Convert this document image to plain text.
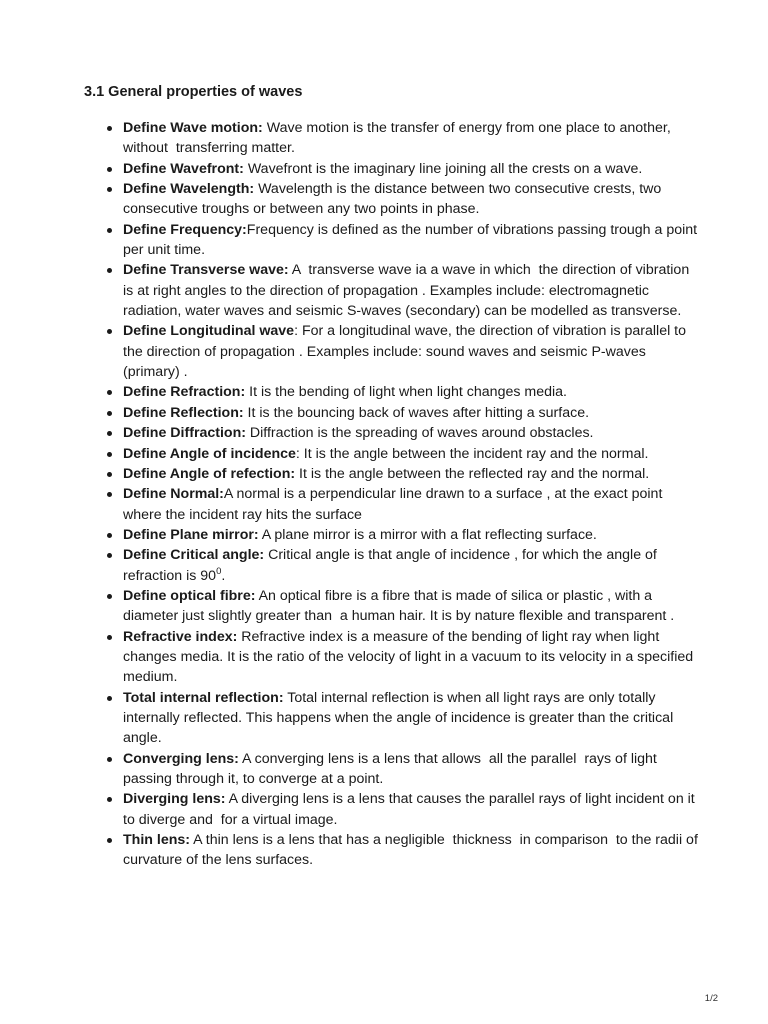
3.1 General properties of waves
Define Wave motion: Wave motion is the transfer of energy from one place to another, without  transferring matter.
Define Wavefront: Wavefront is the imaginary line joining all the crests on a wave.
Define Wavelength: Wavelength is the distance between two consecutive crests, two consecutive troughs or between any two points in phase.
Define Frequency:Frequency is defined as the number of vibrations passing trough a point per unit time.
Define Transverse wave: A  transverse wave ia a wave in which  the direction of vibration is at right angles to the direction of propagation . Examples include: electromagnetic radiation, water waves and seismic S-waves (secondary) can be modelled as transverse.
Define Longitudinal wave: For a longitudinal wave, the direction of vibration is parallel to the direction of propagation . Examples include: sound waves and seismic P-waves (primary) .
Define Refraction: It is the bending of light when light changes media.
Define Reflection: It is the bouncing back of waves after hitting a surface.
Define Diffraction: Diffraction is the spreading of waves around obstacles.
Define Angle of incidence: It is the angle between the incident ray and the normal.
Define Angle of refection: It is the angle between the reflected ray and the normal.
Define Normal:A normal is a perpendicular line drawn to a surface , at the exact point where the incident ray hits the surface
Define Plane mirror: A plane mirror is a mirror with a flat reflecting surface.
Define Critical angle: Critical angle is that angle of incidence , for which the angle of refraction is $90^0$.
Define optical fibre: An optical fibre is a fibre that is made of silica or plastic , with a diameter just slightly greater than  a human hair. It is by nature flexible and transparent .
Refractive index: Refractive index is a measure of the bending of light ray when light changes media. It is the ratio of the velocity of light in a vacuum to its velocity in a specified medium.
Total internal reflection: Total internal reflection is when all light rays are only totally internally reflected. This happens when the angle of incidence is greater than the critical angle.
Converging lens: A converging lens is a lens that allows  all the parallel  rays of light passing through it, to converge at a point.
Diverging lens: A diverging lens is a lens that causes the parallel rays of light incident on it to diverge and  for a virtual image.
Thin lens: A thin lens is a lens that has a negligible  thickness  in comparison  to the radii of curvature of the lens surfaces.
1/2
